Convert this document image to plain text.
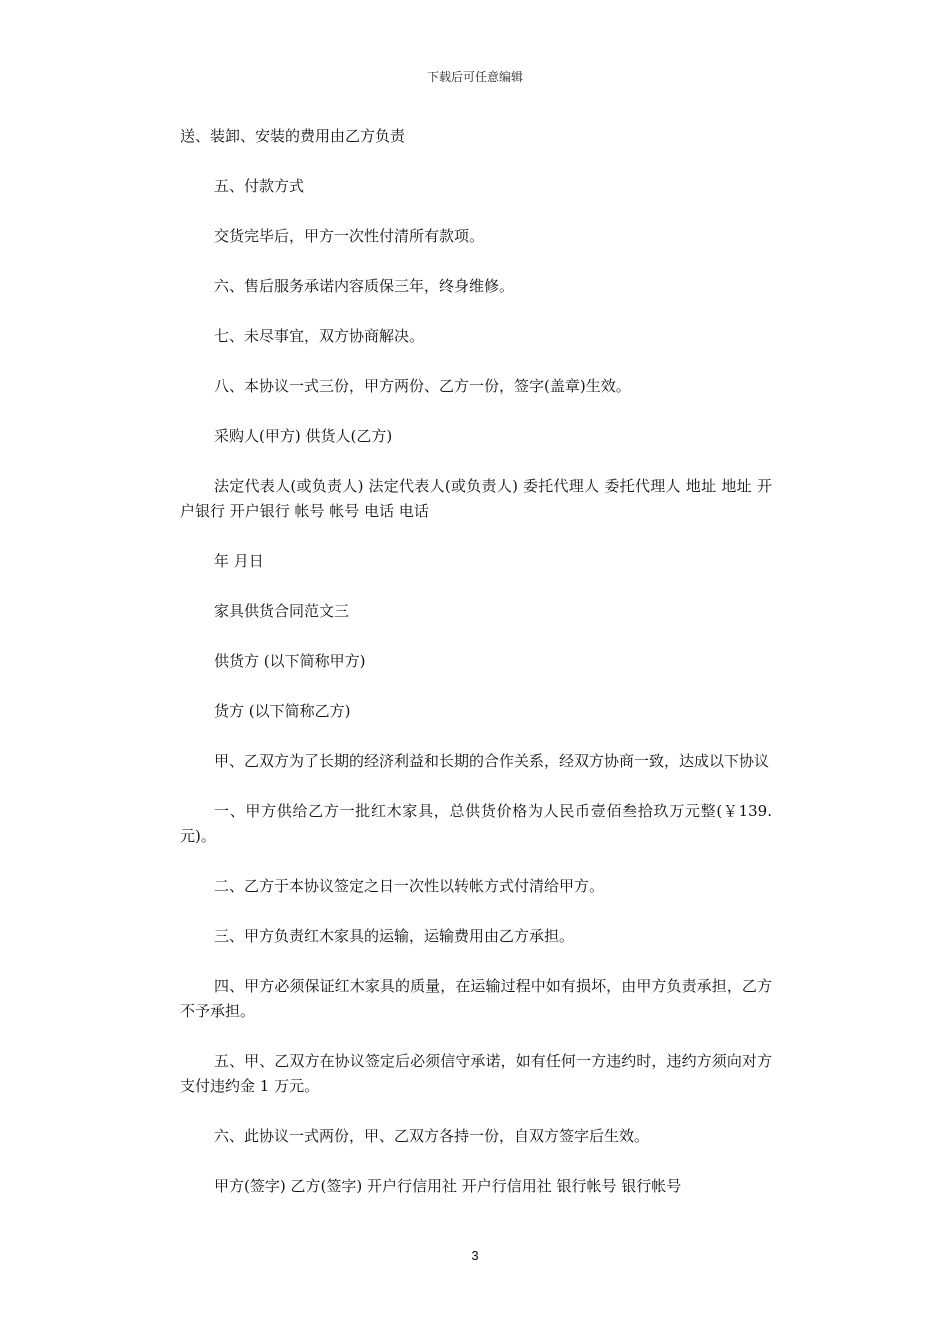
下载后可任意编辑

送、装卸、安装的费用由乙方负责

五、付款方式

交货完毕后，甲方一次性付清所有款项。

六、售后服务承诺内容质保三年，终身维修。

七、未尽事宜，双方协商解决。

八、本协议一式三份，甲方两份、乙方一份，签字(盖章)生效。

采购人(甲方) 供货人(乙方)

法定代表人(或负责人) 法定代表人(或负责人) 委托代理人 委托代理人 地址 地址 开户银行 开户银行 帐号 帐号 电话 电话

年 月日

家具供货合同范文三

供货方 (以下简称甲方)

货方 (以下简称乙方)

甲、乙双方为了长期的经济利益和长期的合作关系，经双方协商一致，达成以下协议

一、甲方供给乙方一批红木家具，总供货价格为人民币壹佰叁拾玖万元整(￥139.元)。

二、乙方于本协议签定之日一次性以转帐方式付清给甲方。

三、甲方负责红木家具的运输，运输费用由乙方承担。

四、甲方必须保证红木家具的质量，在运输过程中如有损坏，由甲方负责承担，乙方不予承担。

五、甲、乙双方在协议签定后必须信守承诺，如有任何一方违约时，违约方须向对方支付违约金 1 万元。

六、此协议一式两份，甲、乙双方各持一份，自双方签字后生效。

甲方(签字) 乙方(签字) 开户行信用社 开户行信用社 银行帐号 银行帐号

3
